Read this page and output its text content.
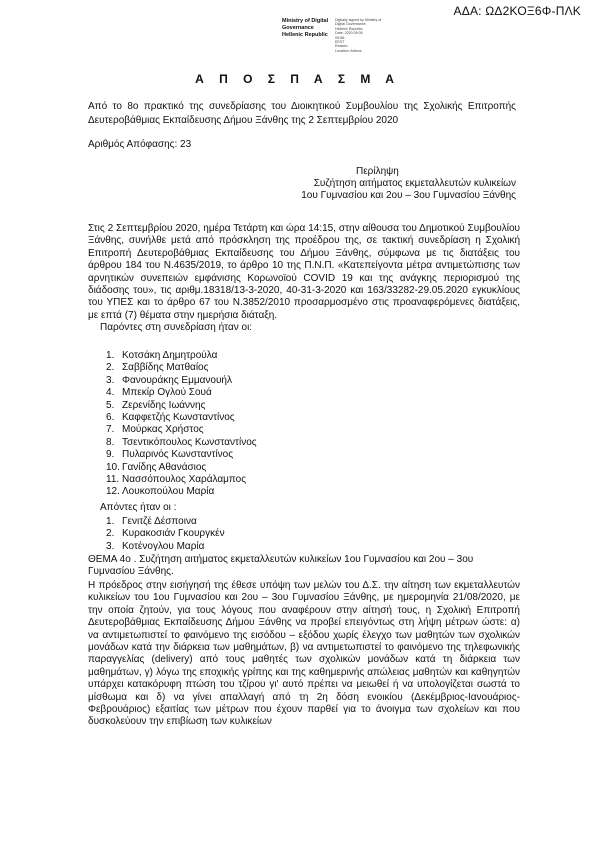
ΑΔΑ: ΩΔ2ΚΟΞ6Φ-ΠΛΚ
Ministry of Digital
Governance
Hellenic Republic
Digitally signed by Ministry of
Digital Governance,
Hellenic Republic
Date: 2020.09.05
09:58:
EEST
Reason:
Location: Athens
Α Π Ο Σ Π Α Σ Μ Α
Από το 8ο πρακτικό της συνεδρίασης του Διοικητικού Συμβουλίου της Σχολικής Επιτροπής Δευτεροβάθμιας Εκπαίδευσης Δήμου Ξάνθης της 2 Σεπτεμβρίου 2020
Αριθμός Απόφασης: 23
Περίληψη
Συζήτηση αιτήματος εκμεταλλευτών κυλικείων
1ου Γυμνασίου και 2ου – 3ου Γυμνασίου Ξάνθης
Στις 2 Σεπτεμβρίου 2020, ημέρα Τετάρτη και ώρα 14:15, στην αίθουσα του Δημοτικού Συμβουλίου Ξάνθης, συνήλθε μετά από πρόσκληση της προέδρου της, σε τακτική συνεδρίαση η Σχολική Επιτροπή Δευτεροβάθμιας Εκπαίδευσης του Δήμου Ξάνθης, σύμφωνα με τις διατάξεις του άρθρου 184 του Ν.4635/2019, το άρθρο 10 της Π.Ν.Π. «Κατεπείγοντα μέτρα αντιμετώπισης των αρνητικών συνεπειών εμφάνισης Κορωνοϊού COVID 19 και της ανάγκης περιορισμού της διάδοσης του», τις αριθμ.18318/13-3-2020, 40-31-3-2020 και 163/33282-29.05.2020 εγκυκλίους του ΥΠΕΣ και το άρθρο 67 του Ν.3852/2010 προσαρμοσμένο στις προαναφερόμενες διατάξεις, με επτά (7) θέματα στην ημερήσια διάταξη.
Παρόντες στη συνεδρίαση ήταν οι:
1. Κοτσάκη Δημητρούλα
2. Σαββίδης Ματθαίος
3. Φανουράκης Εμμανουήλ
4. Μπεκίρ Ογλού Σουά
5. Ζερενίδης Ιωάννης
6. Καφφετζής Κωνσταντίνος
7. Μούρκας Χρήστος
8. Τσεντικόπουλος Κωνσταντίνος
9. Πυλαρινός Κωνσταντίνος
10. Γανίδης Αθανάσιος
11. Νασσόπουλος Χαράλαμπος
12. Λουκοπούλου Μαρία
Απόντες ήταν οι :
1. Γενιτζέ Δέσποινα
2. Κυρακοσιάν Γκουργκέν
3. Κοτένογλου Μαρία
ΘΕΜΑ 4ο . Συζήτηση αιτήματος εκμεταλλευτών κυλικείων 1ου Γυμνασίου και 2ου – 3ου Γυμνασίου Ξάνθης.
Η πρόεδρος στην εισήγησή της έθεσε υπόψη των μελών του Δ.Σ. την αίτηση των εκμεταλλευτών κυλικείων του 1ου Γυμνασίου και 2ου – 3ου Γυμνασίου Ξάνθης, με ημερομηνία 21/08/2020, με την οποία ζητούν, για τους λόγους που αναφέρουν στην αίτησή τους, η Σχολική Επιτροπή Δευτεροβάθμιας Εκπαίδευσης Δήμου Ξάνθης να προβεί επειγόντως στη λήψη μέτρων ώστε: α) να αντιμετωπιστεί το φαινόμενο της εισόδου – εξόδου χωρίς έλεγχο των μαθητών των σχολικών μονάδων κατά την διάρκεια των μαθημάτων, β) να αντιμετωπιστεί το φαινόμενο της τηλεφωνικής παραγγελίας (delivery) από τους μαθητές των σχολικών μονάδων κατά τη διάρκεια των μαθημάτων, γ) λόγω της εποχικής γρίπης και της καθημερινής απώλειας μαθητών και καθηγητών υπάρχει κατακόρυφη πτώση του τζίρου γι' αυτό πρέπει να μειωθεί ή να υπολογίζεται σωστά το μίσθωμα και δ) να γίνει απαλλαγή από τη 2η δόση ενοικίου (Δεκέμβριος-Ιανουάριος-Φεβρουάριος) εξαιτίας των μέτρων που έχουν παρθεί για το άνοιγμα των σχολείων και που δυσκολεύουν την επιβίωση των κυλικείων
